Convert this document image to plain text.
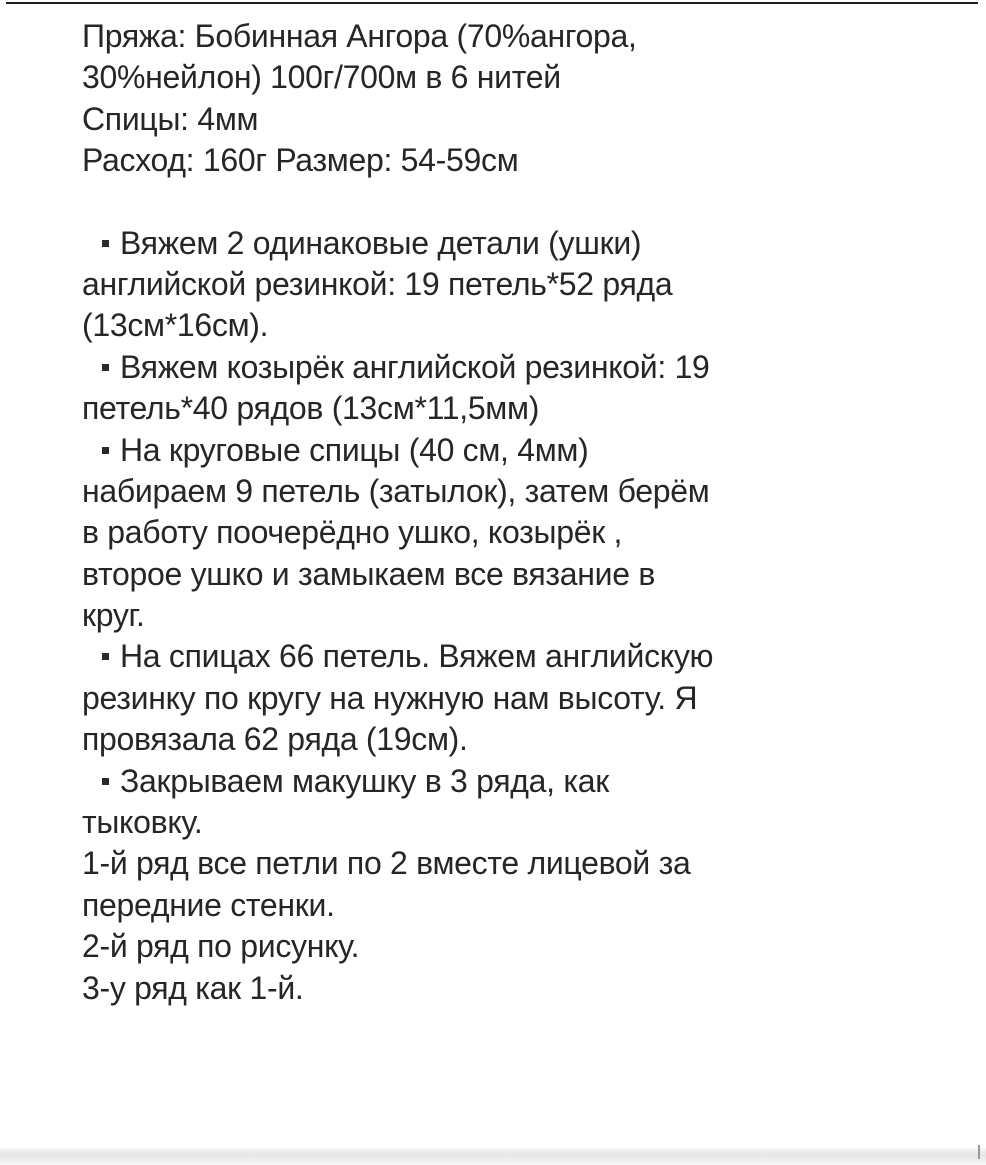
Пряжа: Бобинная Ангора (70%ангора,
30%нейлон) 100г/700м в 6 нитей
Спицы: 4мм
Расход: 160г Размер: 54-59см
Вяжем 2 одинаковые детали (ушки)
английской резинкой: 19 петель*52 ряда
(13см*16см).
Вяжем козырёк английской резинкой: 19
петель*40 рядов (13см*11,5мм)
На круговые спицы (40 см, 4мм)
набираем 9 петель (затылок), затем берём
в работу поочерёдно ушко, козырёк ,
второе ушко и замыкаем все вязание в
круг.
На спицах 66 петель. Вяжем английскую
резинку по кругу на нужную нам высоту. Я
провязала 62 ряда (19см).
Закрываем макушку в 3 ряда, как
тыковку.
1-й ряд все петли по 2 вместе лицевой за
передние стенки.
2-й ряд по рисунку.
3-у ряд как 1-й.
